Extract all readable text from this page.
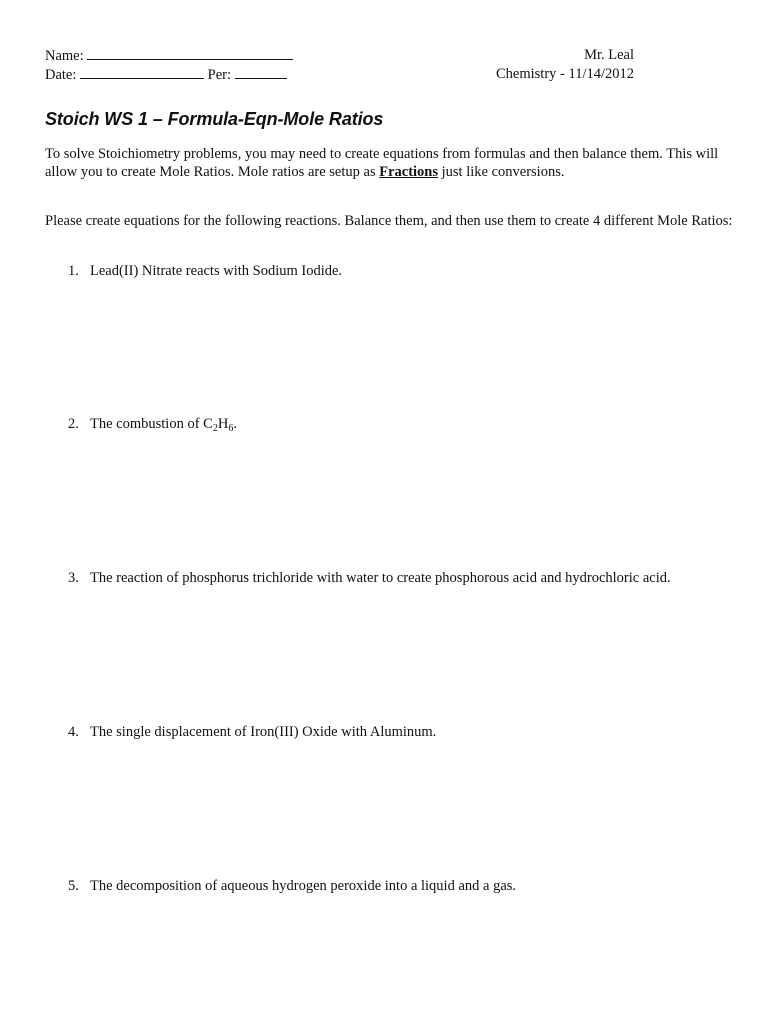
Name:
Date:	Per:
Mr. Leal
Chemistry - 11/14/2012
Stoich WS 1 – Formula-Eqn-Mole Ratios
To solve Stoichiometry problems, you may need to create equations from formulas and then balance them. This will allow you to create Mole Ratios. Mole ratios are setup as Fractions just like conversions.
Please create equations for the following reactions. Balance them, and then use them to create 4 different Mole Ratios:
1. Lead(II) Nitrate reacts with Sodium Iodide.
2. The combustion of $C_2H_6$.
3. The reaction of phosphorus trichloride with water to create phosphorous acid and hydrochloric acid.
4. The single displacement of Iron(III) Oxide with Aluminum.
5. The decomposition of aqueous hydrogen peroxide into a liquid and a gas.
